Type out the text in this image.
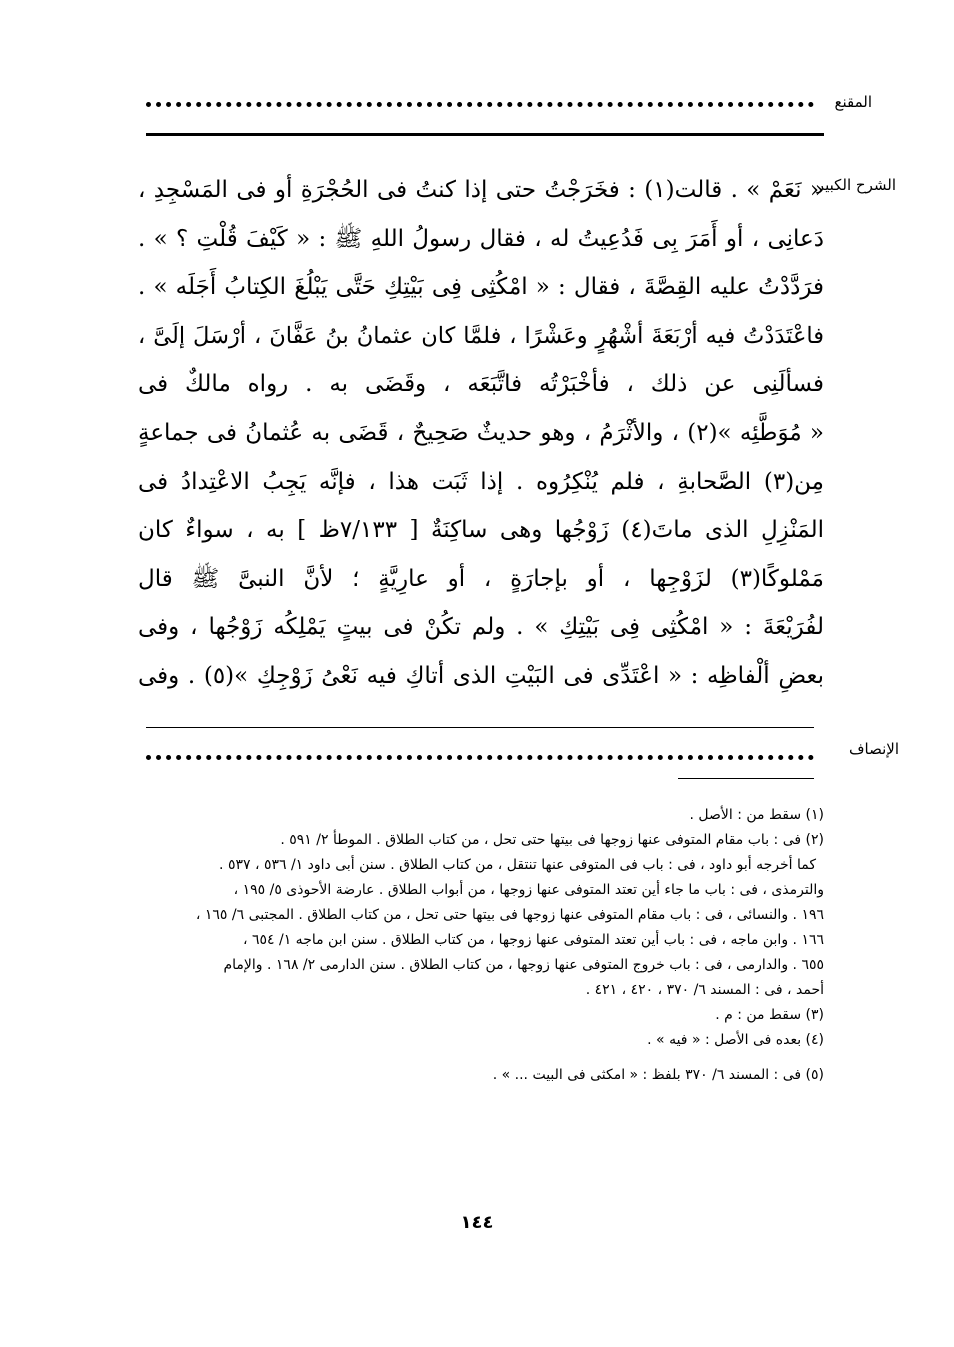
المقنع
الشرح الكبير
« نَعَمْ » . قالت(١) : فخَرَجْتُ حتى إذا كنتُ فى الحُجْرَةِ أو فى المَسْجِدِ ،
دَعانِى ، أو أَمَرَ بِى فَدُعِيتُ له ، فقال رسولُ اللهِ ﷺ : « كَيْفَ قُلْتِ ؟ » .
فرَدَّدْتُ عليه القِصَّةَ ، فقال : « امْكُثِى فِى بَيْتِكِ حَتَّى يَبْلُغَ الكِتابُ أَجَلَه » .
فاعْتَدَدْتُ فيه أرْبَعَةَ أشْهُرٍ وعَشْرًا ، فلمَّا كان عثمانُ بنُ عَفَّانَ ، أرْسَلَ إلَىَّ ،
فسألَنِى عن ذلك ، فأخْبَرْتُه فاتَّبَعَه ، وقَضَى به . رواه مالكٌ فى
« مُوَطَّئِه »(٢) ، والأثْرَمُ ، وهو حديثٌ صَحِيحٌ ، قَضَى به عُثمانُ فى جماعةٍ
مِن(٣) الصَّحابةِ ، فلم يُنْكِرُوه . إذا ثَبَت هذا ، فإنَّه يَجِبُ الاعْتِدادُ فى
المَنْزِلِ الذى ماتَ(٤) زَوْجُها وهى ساكِنَةٌ [ ٧/١٣٣ظ ] به ، سواءٌ كان
مَمْلوكًا(٣) لزَوْجِها ، أو بإجارَةٍ ، أو عارِيَّةٍ ؛ لأنَّ النبىَّ ﷺ قال
لفُرَيْعَةَ : « امْكُثِى فِى بَيْتِكِ » . ولم تكُنْ فى بيتٍ يَمْلِكُه زَوْجُها ، وفى
بعضِ ألْفاظِه : « اعْتَدِّى فى البَيْتِ الذى أتاكِ فيه نَعْىُ زَوْجِكِ »(٥) . وفى
الإنصاف
(١) سقط من : الأصل .
(٢) فى : باب مقام المتوفى عنها زوجها فى بيتها حتى تحل ، من كتاب الطلاق . الموطأ ٢/ ٥٩١ .
كما أخرجه أبو داود ، فى : باب فى المتوفى عنها تنتقل ، من كتاب الطلاق . سنن أبى داود ١/ ٥٣٦ ، ٥٣٧ .
والترمذى ، فى : باب ما جاء أين تعتد المتوفى عنها زوجها ، من أبواب الطلاق . عارضة الأحوذى ٥/ ١٩٥ ،
١٩٦ . والنسائى ، فى : باب مقام المتوفى عنها زوجها فى بيتها حتى تحل ، من كتاب الطلاق . المجتبى ٦/ ١٦٥ ،
١٦٦ . وابن ماجه ، فى : باب أين تعتد المتوفى عنها زوجها ، من كتاب الطلاق . سنن ابن ماجه ١/ ٦٥٤ ،
٦٥٥ . والدارمى ، فى : باب خروج المتوفى عنها زوجها ، من كتاب الطلاق . سنن الدارمى ٢/ ١٦٨ . والإمام
أحمد ، فى : المسند ٦/ ٣٧٠ ، ٤٢٠ ، ٤٢١ .
(٣) سقط من : م .
(٤) بعده فى الأصل : « فيه » .
(٥) فى : المسند ٦/ ٣٧٠ بلفظ : « امكثى فى البيت ... » .
١٤٤
